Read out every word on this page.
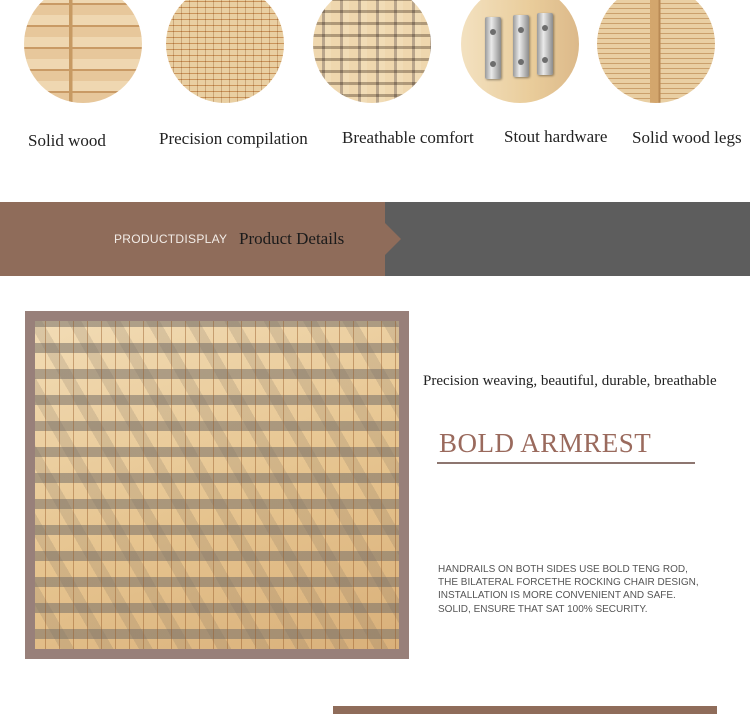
Solid wood	Precision compilation Breathable comfort Stout hardware Solid wood legs
PRODUCTDISPLAY Product Details
Precision weaving, beautiful, durable, breathable
BOLD ARMREST

HANDRAILS ON BOTH SIDES USE BOLD TENG ROD,

THE BILATERAL FORCETHE ROCKING CHAIR DESIGN,

INSTALLATION IS MORE CONVENIENT AND SAFE.

SOLID, ENSURE THAT SAT 100% SECURITY.
